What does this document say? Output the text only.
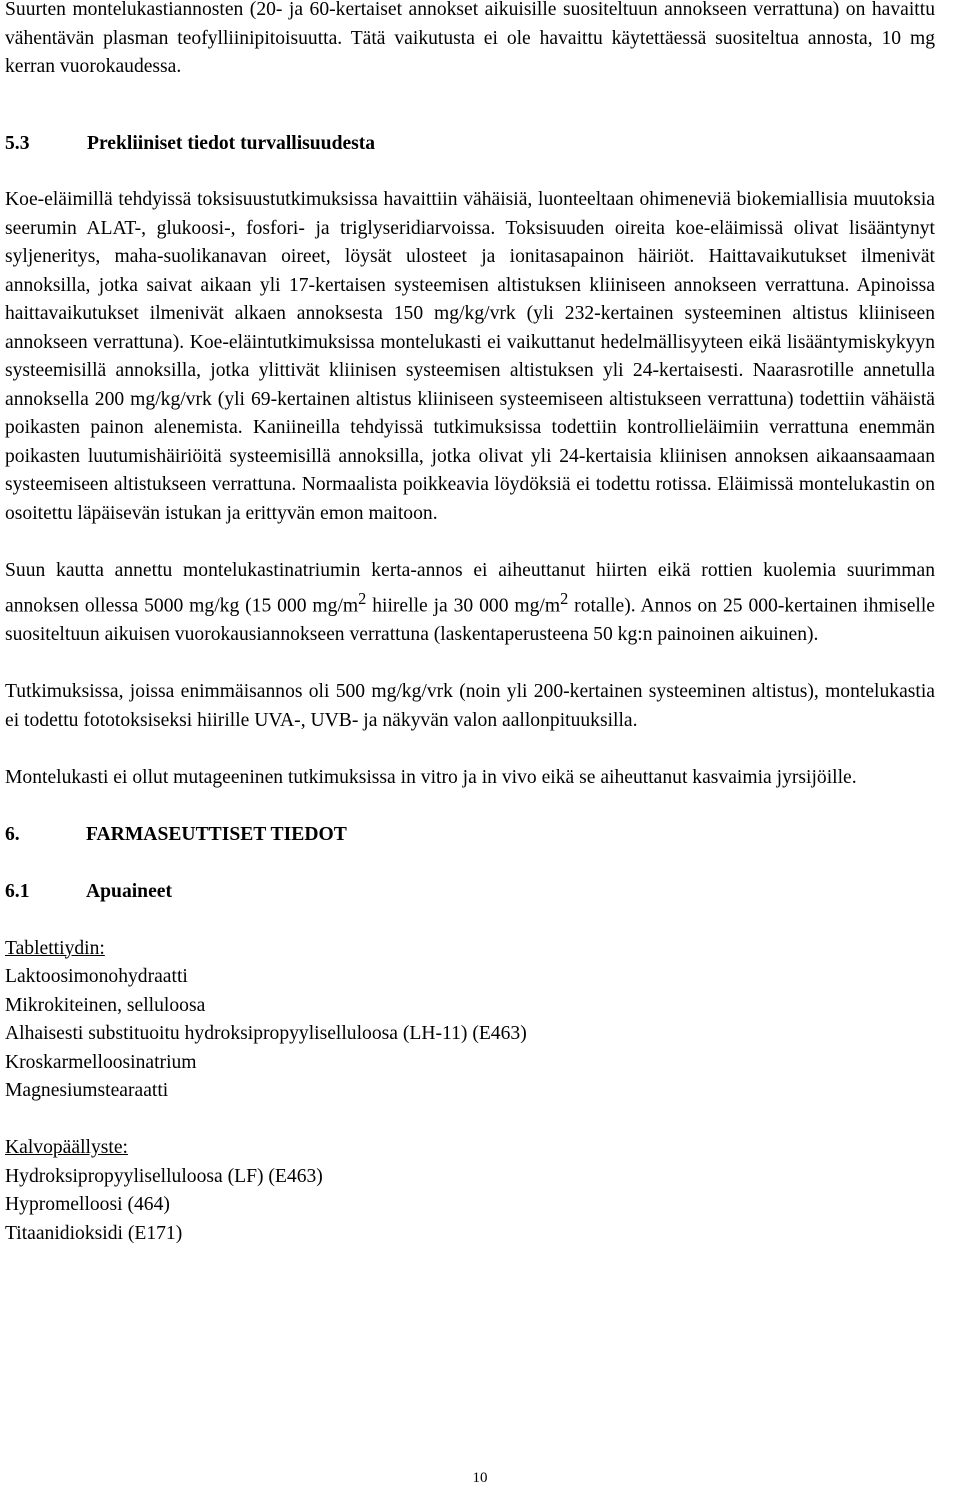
Suurten montelukastiannosten (20- ja 60-kertaiset annokset aikuisille suositeltuun annokseen verrattuna) on havaittu vähentävän plasman teofylliinipitoisuutta. Tätä vaikutusta ei ole havaittu käytettäessä suositeltua annosta, 10 mg kerran vuorokaudessa.

5.3	Prekliiniset tiedot turvallisuudesta

Koe-eläimillä tehdyissä toksisuustutkimuksissa havaittiin vähäisiä, luonteeltaan ohimeneviä biokemiallisia muutoksia seerumin ALAT-, glukoosi-, fosfori- ja triglyseridiarvoissa. Toksisuuden oireita koe-eläimissä olivat lisääntynyt syljeneritys, maha-suolikanavan oireet, löysät ulosteet ja ionitasapainon häiriöt. Haittavaikutukset ilmenivät annoksilla, jotka saivat aikaan yli 17-kertaisen systeemisen altistuksen kliiniseen annokseen verrattuna. Apinoissa haittavaikutukset ilmenivät alkaen annoksesta 150 mg/kg/vrk (yli 232-kertainen systeeminen altistus kliiniseen annokseen verrattuna). Koe-eläintutkimuksissa montelukasti ei vaikuttanut hedelmällisyyteen eikä lisääntymiskykyyn systeemisillä annoksilla, jotka ylittivät kliinisen systeemisen altistuksen yli 24-kertaisesti. Naarasrotille annetulla annoksella 200 mg/kg/vrk (yli 69-kertainen altistus kliiniseen systeemiseen altistukseen verrattuna) todettiin vähäistä poikasten painon alenemista. Kaniineilla tehdyissä tutkimuksissa todettiin kontrollieläimiin verrattuna enemmän poikasten luutumishäiriöitä systeemisillä annoksilla, jotka olivat yli 24-kertaisia kliinisen annoksen aikaansaamaan systeemiseen altistukseen verrattuna. Normaalista poikkeavia löydöksiä ei todettu rotissa. Eläimissä montelukastin on osoitettu läpäisevän istukan ja erittyvän emon maitoon.

Suun kautta annettu montelukastinatriumin kerta-annos ei aiheuttanut hiirten eikä rottien kuolemia suurimman annoksen ollessa 5000 mg/kg (15 000 $mg/m^2$ hiirelle ja 30 000 $mg/m^2$ rotalle). Annos on 25 000-kertainen ihmiselle suositeltuun aikuisen vuorokausiannokseen verrattuna (laskentaperusteena 50 kg:n painoinen aikuinen).

Tutkimuksissa, joissa enimmäisannos oli 500 mg/kg/vrk (noin yli 200-kertainen systeeminen altistus), montelukastia ei todettu fototoksiseksi hiirille UVA-, UVB- ja näkyvän valon aallonpituuksilla.

Montelukasti ei ollut mutageeninen tutkimuksissa in vitro ja in vivo eikä se aiheuttanut kasvaimia jyrsijöille.

6.	FARMASEUTTISET TIEDOT
6.1	Apuaineet
Tablettiydin:
Laktoosimonohydraatti
Mikrokiteinen, selluloosa
Alhaisesti substituoitu hydroksipropyyliselluloosa (LH-11) (E463)
Kroskarmelloosinatrium
Magnesiumstearaatti
Kalvopäällyste:
Hydroksipropyyliselluloosa (LF) (E463)
Hypromelloosi (464)
Titaanidioksidi (E171)
10
